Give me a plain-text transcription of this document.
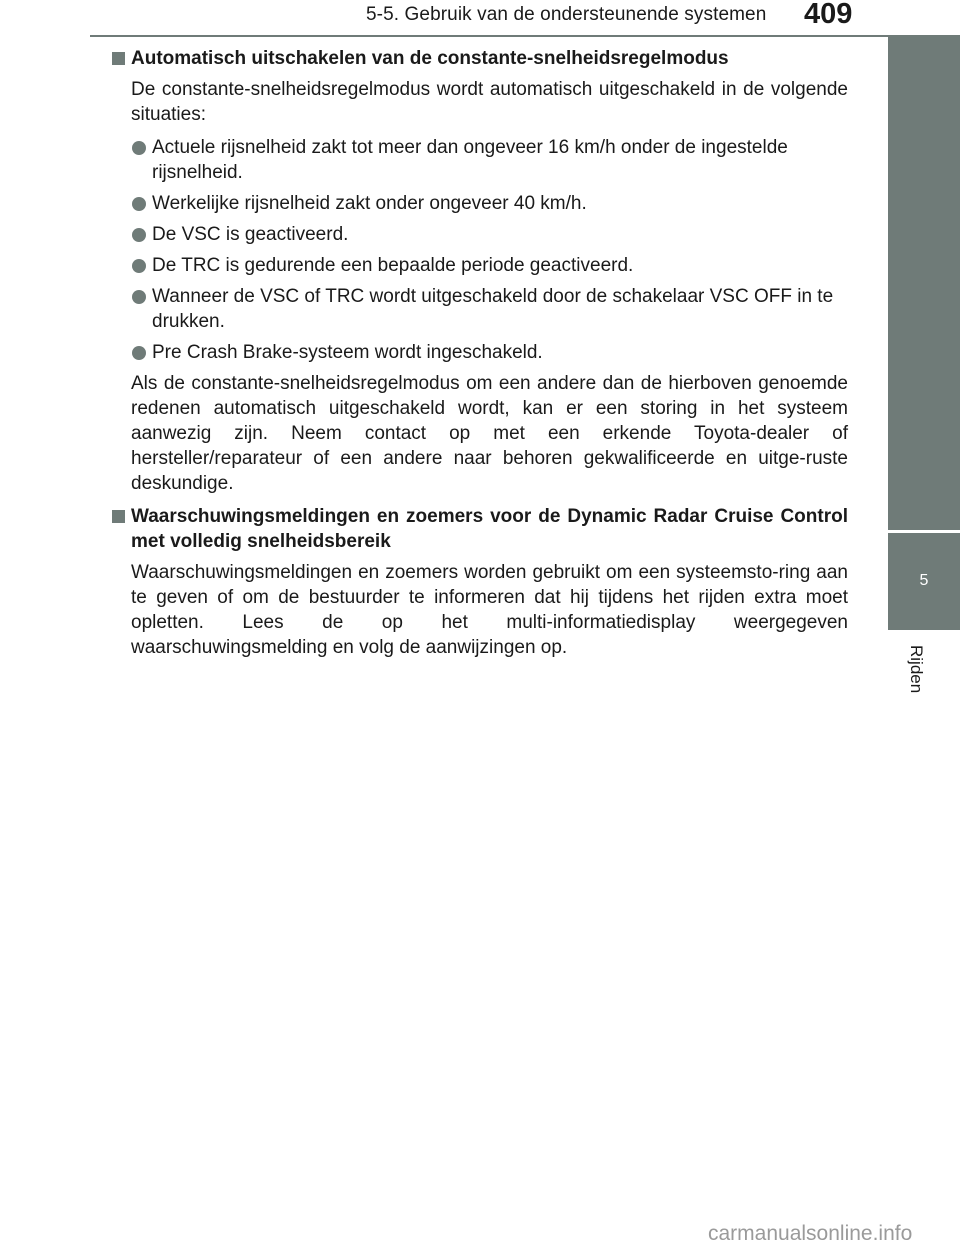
5-5. Gebruik van de ondersteunende systemen 409
5
Rijden
Automatisch uitschakelen van de constante-snelheidsregelmodus
De constante-snelheidsregelmodus wordt automatisch uitgeschakeld in de volgende situaties:
Actuele rijsnelheid zakt tot meer dan ongeveer 16 km/h onder de ingestelde rijsnelheid.
Werkelijke rijsnelheid zakt onder ongeveer 40 km/h.
De VSC is geactiveerd.
De TRC is gedurende een bepaalde periode geactiveerd.
Wanneer de VSC of TRC wordt uitgeschakeld door de schakelaar VSC OFF in te drukken.
Pre Crash Brake-systeem wordt ingeschakeld.
Als de constante-snelheidsregelmodus om een andere dan de hierboven genoemde redenen automatisch uitgeschakeld wordt, kan er een storing in het systeem aanwezig zijn. Neem contact op met een erkende Toyota-dealer of hersteller/reparateur of een andere naar behoren gekwalificeerde en uitge-ruste deskundige.
Waarschuwingsmeldingen en zoemers voor de Dynamic Radar Cruise Control met volledig snelheidsbereik
Waarschuwingsmeldingen en zoemers worden gebruikt om een systeemsto-ring aan te geven of om de bestuurder te informeren dat hij tijdens het rijden extra moet opletten. Lees de op het multi-informatiedisplay weergegeven waarschuwingsmelding en volg de aanwijzingen op.
carmanualsonline.info
